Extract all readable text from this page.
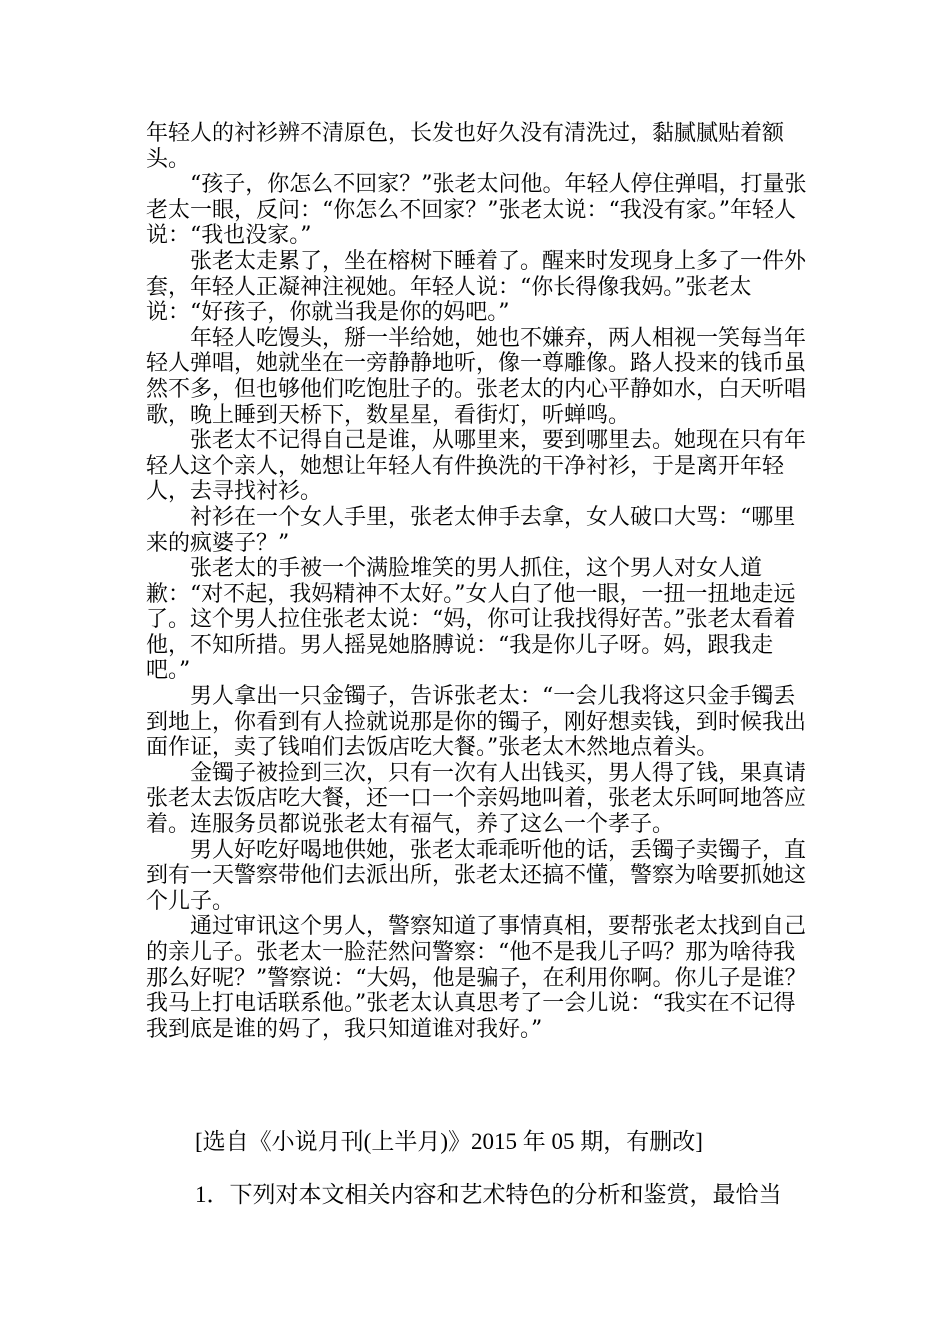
年轻人的衬衫辨不清原色，长发也好久没有清洗过，黏腻腻贴着额头。

“孩子，你怎么不回家？”张老太问他。年轻人停住弹唱，打量张老太一眼，反问：“你怎么不回家？”张老太说：“我没有家。”年轻人说：“我也没家。”

张老太走累了，坐在榕树下睡着了。醒来时发现身上多了一件外套，年轻人正凝神注视她。年轻人说：“你长得像我妈。”张老太说：“好孩子，你就当我是你的妈吧。”

年轻人吃馒头，掰一半给她，她也不嫌弃，两人相视一笑每当年轻人弹唱，她就坐在一旁静静地听，像一尊雕像。路人投来的钱币虽然不多，但也够他们吃饱肚子的。张老太的内心平静如水，白天听唱歌，晚上睡到天桥下，数星星，看街灯，听蝉鸣。

张老太不记得自己是谁，从哪里来，要到哪里去。她现在只有年轻人这个亲人，她想让年轻人有件换洗的干净衬衫，于是离开年轻人，去寻找衬衫。

衬衫在一个女人手里，张老太伸手去拿，女人破口大骂：“哪里来的疯婆子？”

张老太的手被一个满脸堆笑的男人抓住，这个男人对女人道歉：“对不起，我妈精神不太好。”女人白了他一眼，一扭一扭地走远了。这个男人拉住张老太说：“妈，你可让我找得好苦。”张老太看着他，不知所措。男人摇晃她胳膊说：“我是你儿子呀。妈，跟我走吧。”

男人拿出一只金镯子，告诉张老太：“一会儿我将这只金手镯丢到地上，你看到有人捡就说那是你的镯子，刚好想卖钱，到时候我出面作证，卖了钱咱们去饭店吃大餐。”张老太木然地点着头。

金镯子被捡到三次，只有一次有人出钱买，男人得了钱，果真请张老太去饭店吃大餐，还一口一个亲妈地叫着，张老太乐呵呵地答应着。连服务员都说张老太有福气，养了这么一个孝子。

男人好吃好喝地供她，张老太乖乖听他的话，丢镯子卖镯子，直到有一天警察带他们去派出所，张老太还搞不懂，警察为啥要抓她这个儿子。

通过审讯这个男人，警察知道了事情真相，要帮张老太找到自己的亲儿子。张老太一脸茫然问警察：“他不是我儿子吗？那为啥待我那么好呢？”警察说：“大妈，他是骗子，在利用你啊。你儿子是谁？我马上打电话联系他。”张老太认真思考了一会儿说：“我实在不记得我到底是谁的妈了，我只知道谁对我好。”

[选自《小说月刊(上半月)》2015 年 05 期，有删改]
1．下列对本文相关内容和艺术特色的分析和鉴赏，最恰当
